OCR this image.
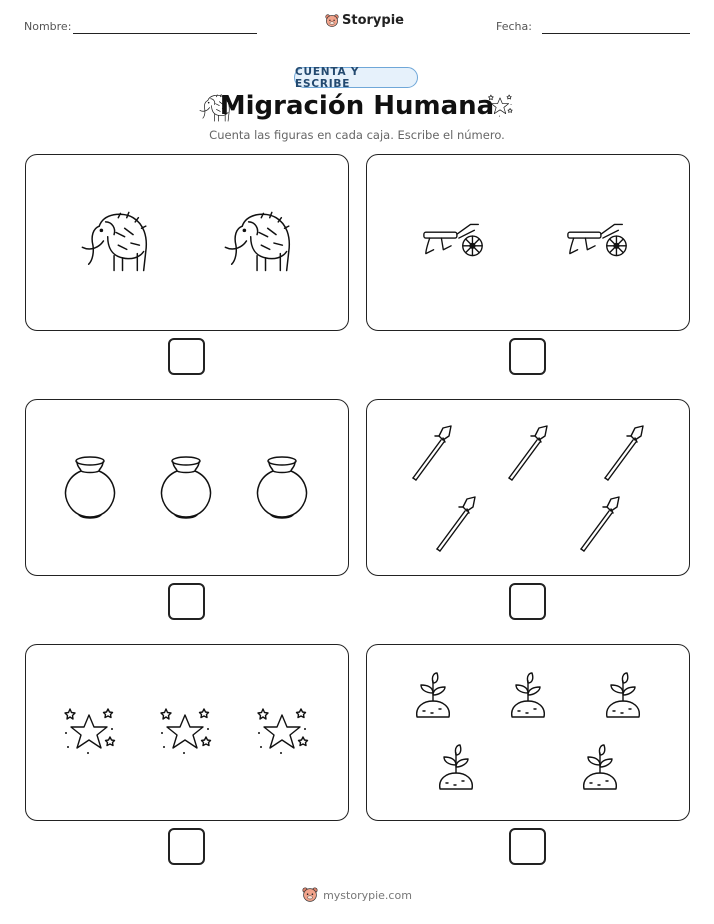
Nombre:	Storypie	Fecha:
CUENTA Y ESCRIBE
Migración Humana
Cuenta las figuras en cada caja. Escribe el número.
mystorypie.com
